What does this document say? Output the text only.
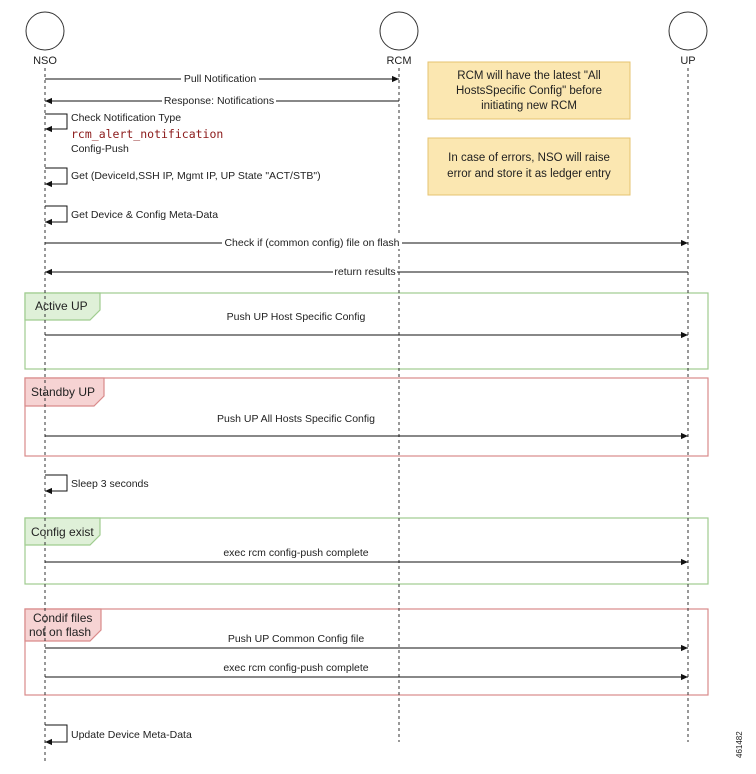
NSO	RCM	UP
Active UP
Standby UP
Config exist
Condif files
not on flash
RCM will have the latest "All
HostsSpecific Config" before
initiating new RCM
In case of errors, NSO will raise
error and store it as ledger entry
Pull Notification
Response: Notifications
Check Notification Type
rcm_alert_notification
Config-Push
Get (DeviceId,SSH IP, Mgmt IP, UP State "ACT/STB")
Get Device & Config Meta-Data
Check if (common config) file on flash
return results
Push UP Host Specific Config
Push UP All Hosts Specific Config
Sleep 3 seconds
exec rcm config-push complete
Push UP Common Config file
exec rcm config-push complete
Update Device Meta-Data	461482
